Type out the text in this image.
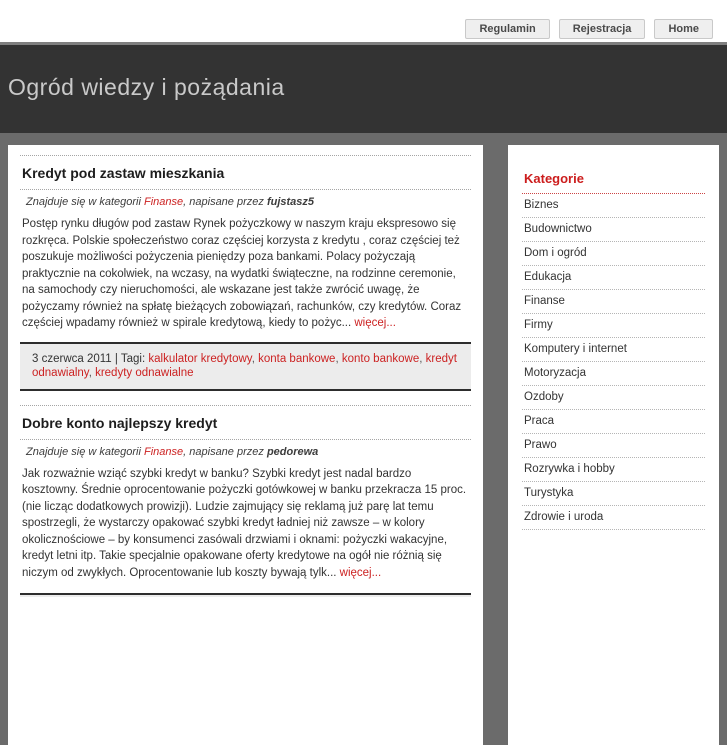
Regulamin	Rejestracja	Home
Ogród wiedzy i pożądania
Kredyt pod zastaw mieszkania
Znajduje się w kategorii Finanse, napisane przez fujstasz5

Postęp rynku długów pod zastaw Rynek pożyczkowy w naszym kraju ekspresowo się rozkręca. Polskie społeczeństwo coraz częściej korzysta z kredytu , coraz częściej też poszukuje możliwości pożyczenia pieniędzy poza bankami. Polacy pożyczają praktycznie na cokolwiek, na wczasy, na wydatki świąteczne, na rodzinne ceremonie, na samochody czy nieruchomości, ale wskazane jest także zwrócić uwagę, że pożyczamy również na spłatę bieżących zobowiązań, rachunków, czy kredytów. Coraz częściej wpadamy również w spirale kredytową, kiedy to pożyc... więcej...

3 czerwca 2011 | Tagi: kalkulator kredytowy , konta bankowe , konto bankowe , kredyt odnawialny , kredyty odnawialne
Dobre konto najlepszy kredyt
Znajduje się w kategorii Finanse, napisane przez pedorewa

Jak rozważnie wziąć szybki kredyt w banku? Szybki kredyt jest nadal bardzo kosztowny. Średnie oprocentowanie pożyczki gotówkowej w banku przekracza 15 proc. (nie licząc dodatkowych prowizji). Ludzie zajmujący się reklamą już parę lat temu spostrzegli, że wystarczy opakować szybki kredyt ładniej niż zawsze – w kolory okolicznościowe – by konsumenci zasówali drzwiami i oknami: pożyczki wakacyjne, kredyt letni itp. Takie specjalnie opakowane oferty kredytowe na ogół nie różnią się niczym od zwykłych. Oprocentowanie lub koszty bywają tylk... więcej...

Kategorie
Biznes
Budownictwo
Dom i ogród
Edukacja
Finanse
Firmy
Komputery i internet
Motoryzacja
Ozdoby
Praca
Prawo
Rozrywka i hobby
Turystyka
Zdrowie i uroda
